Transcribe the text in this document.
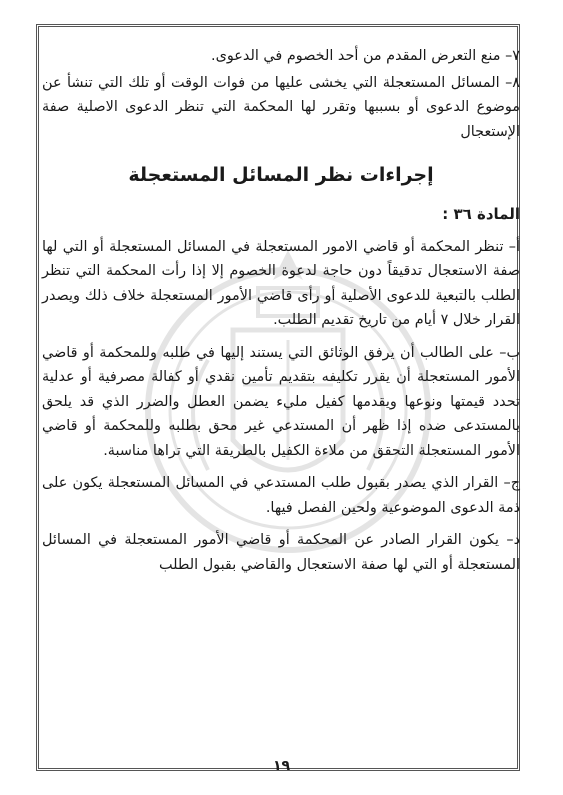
٧– منع التعرض المقدم من أحد الخصوم في الدعوى.

٨– المسائل المستعجلة التي يخشى عليها من فوات الوقت أو تلك التي تنشأ عن موضوع الدعوى أو بسببها وتقرر لها المحكمة التي تنظر الدعوى الاصلية صفة الإستعجال

إجراءات نظر المسائل المستعجلة
المادة ٣٦ :

أ– تنظر المحكمة أو قاضي الامور المستعجلة في المسائل المستعجلة أو التي لها صفة الاستعجال تدقيقاً دون حاجة لدعوة الخصوم إلا إذا رأت المحكمة التي تنظر الطلب بالتبعية للدعوى الأصلية أو رأى قاضي الأمور المستعجلة خلاف ذلك ويصدر القرار خلال ٧ أيام من تاريخ تقديم الطلب.

ب– على الطالب أن يرفق الوثائق التي يستند إليها في طلبه وللمحكمة أو قاضي الأمور المستعجلة أن يقرر تكليفه بتقديم تأمين نقدي أو كفالة مصرفية أو عدلية تحدد قيمتها ونوعها ويقدمها كفيل مليء يضمن العطل والضرر الذي قد يلحق بالمستدعى ضده إذا ظهر أن المستدعي غير محق بطلبه وللمحكمة أو قاضي الأمور المستعجلة التحقق من ملاءة الكفيل بالطريقة التي تراها مناسبة.

ج– القرار الذي يصدر بقبول طلب المستدعي في المسائل المستعجلة يكون على ذمة الدعوى الموضوعية ولحين الفصل فيها.

د– يكون القرار الصادر عن المحكمة أو قاضي الأمور المستعجلة في المسائل المستعجلة أو التي لها صفة الاستعجال والقاضي بقبول الطلب

١٩
